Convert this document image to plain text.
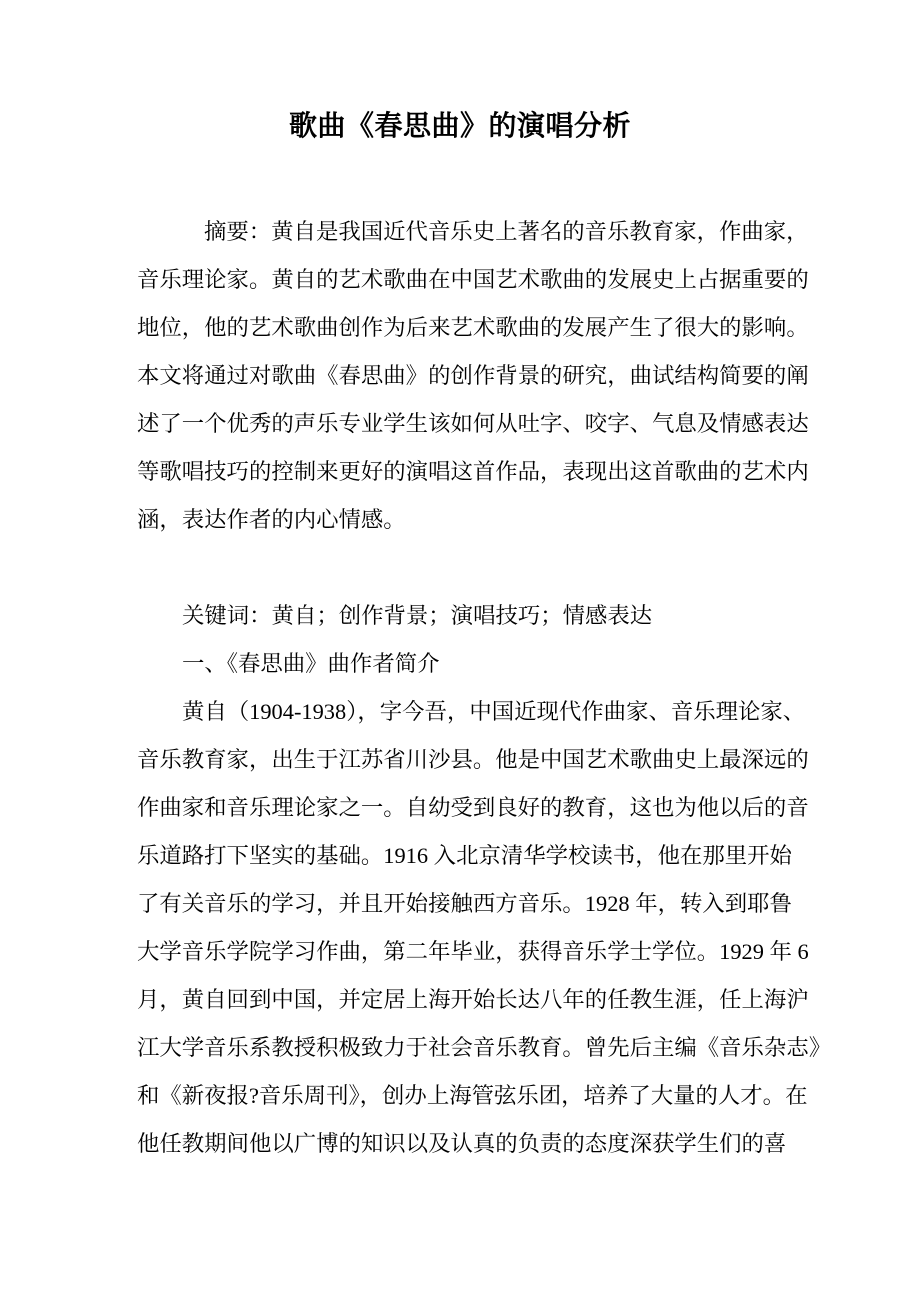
歌曲《春思曲》的演唱分析
摘要：黄自是我国近代音乐史上著名的音乐教育家，作曲家，
音乐理论家。黄自的艺术歌曲在中国艺术歌曲的发展史上占据重要的
地位，他的艺术歌曲创作为后来艺术歌曲的发展产生了很大的影响。
本文将通过对歌曲《春思曲》的创作背景的研究，曲试结构简要的阐
述了一个优秀的声乐专业学生该如何从吐字、咬字、气息及情感表达
等歌唱技巧的控制来更好的演唱这首作品，表现出这首歌曲的艺术内
涵，表达作者的内心情感。
关键词：黄自；创作背景；演唱技巧；情感表达
一、《春思曲》曲作者简介
黄自（1904-1938），字今吾，中国近现代作曲家、音乐理论家、
音乐教育家，出生于江苏省川沙县。他是中国艺术歌曲史上最深远的
作曲家和音乐理论家之一。自幼受到良好的教育，这也为他以后的音
乐道路打下坚实的基础。1916 入北京清华学校读书，他在那里开始
了有关音乐的学习，并且开始接触西方音乐。1928 年，转入到耶鲁
大学音乐学院学习作曲，第二年毕业，获得音乐学士学位。1929 年 6
月，黄自回到中国，并定居上海开始长达八年的任教生涯，任上海沪
江大学音乐系教授积极致力于社会音乐教育。曾先后主编《音乐杂志》
和《新夜报?音乐周刊》，创办上海管弦乐团，培养了大量的人才。在
他任教期间他以广博的知识以及认真的负责的态度深获学生们的喜
